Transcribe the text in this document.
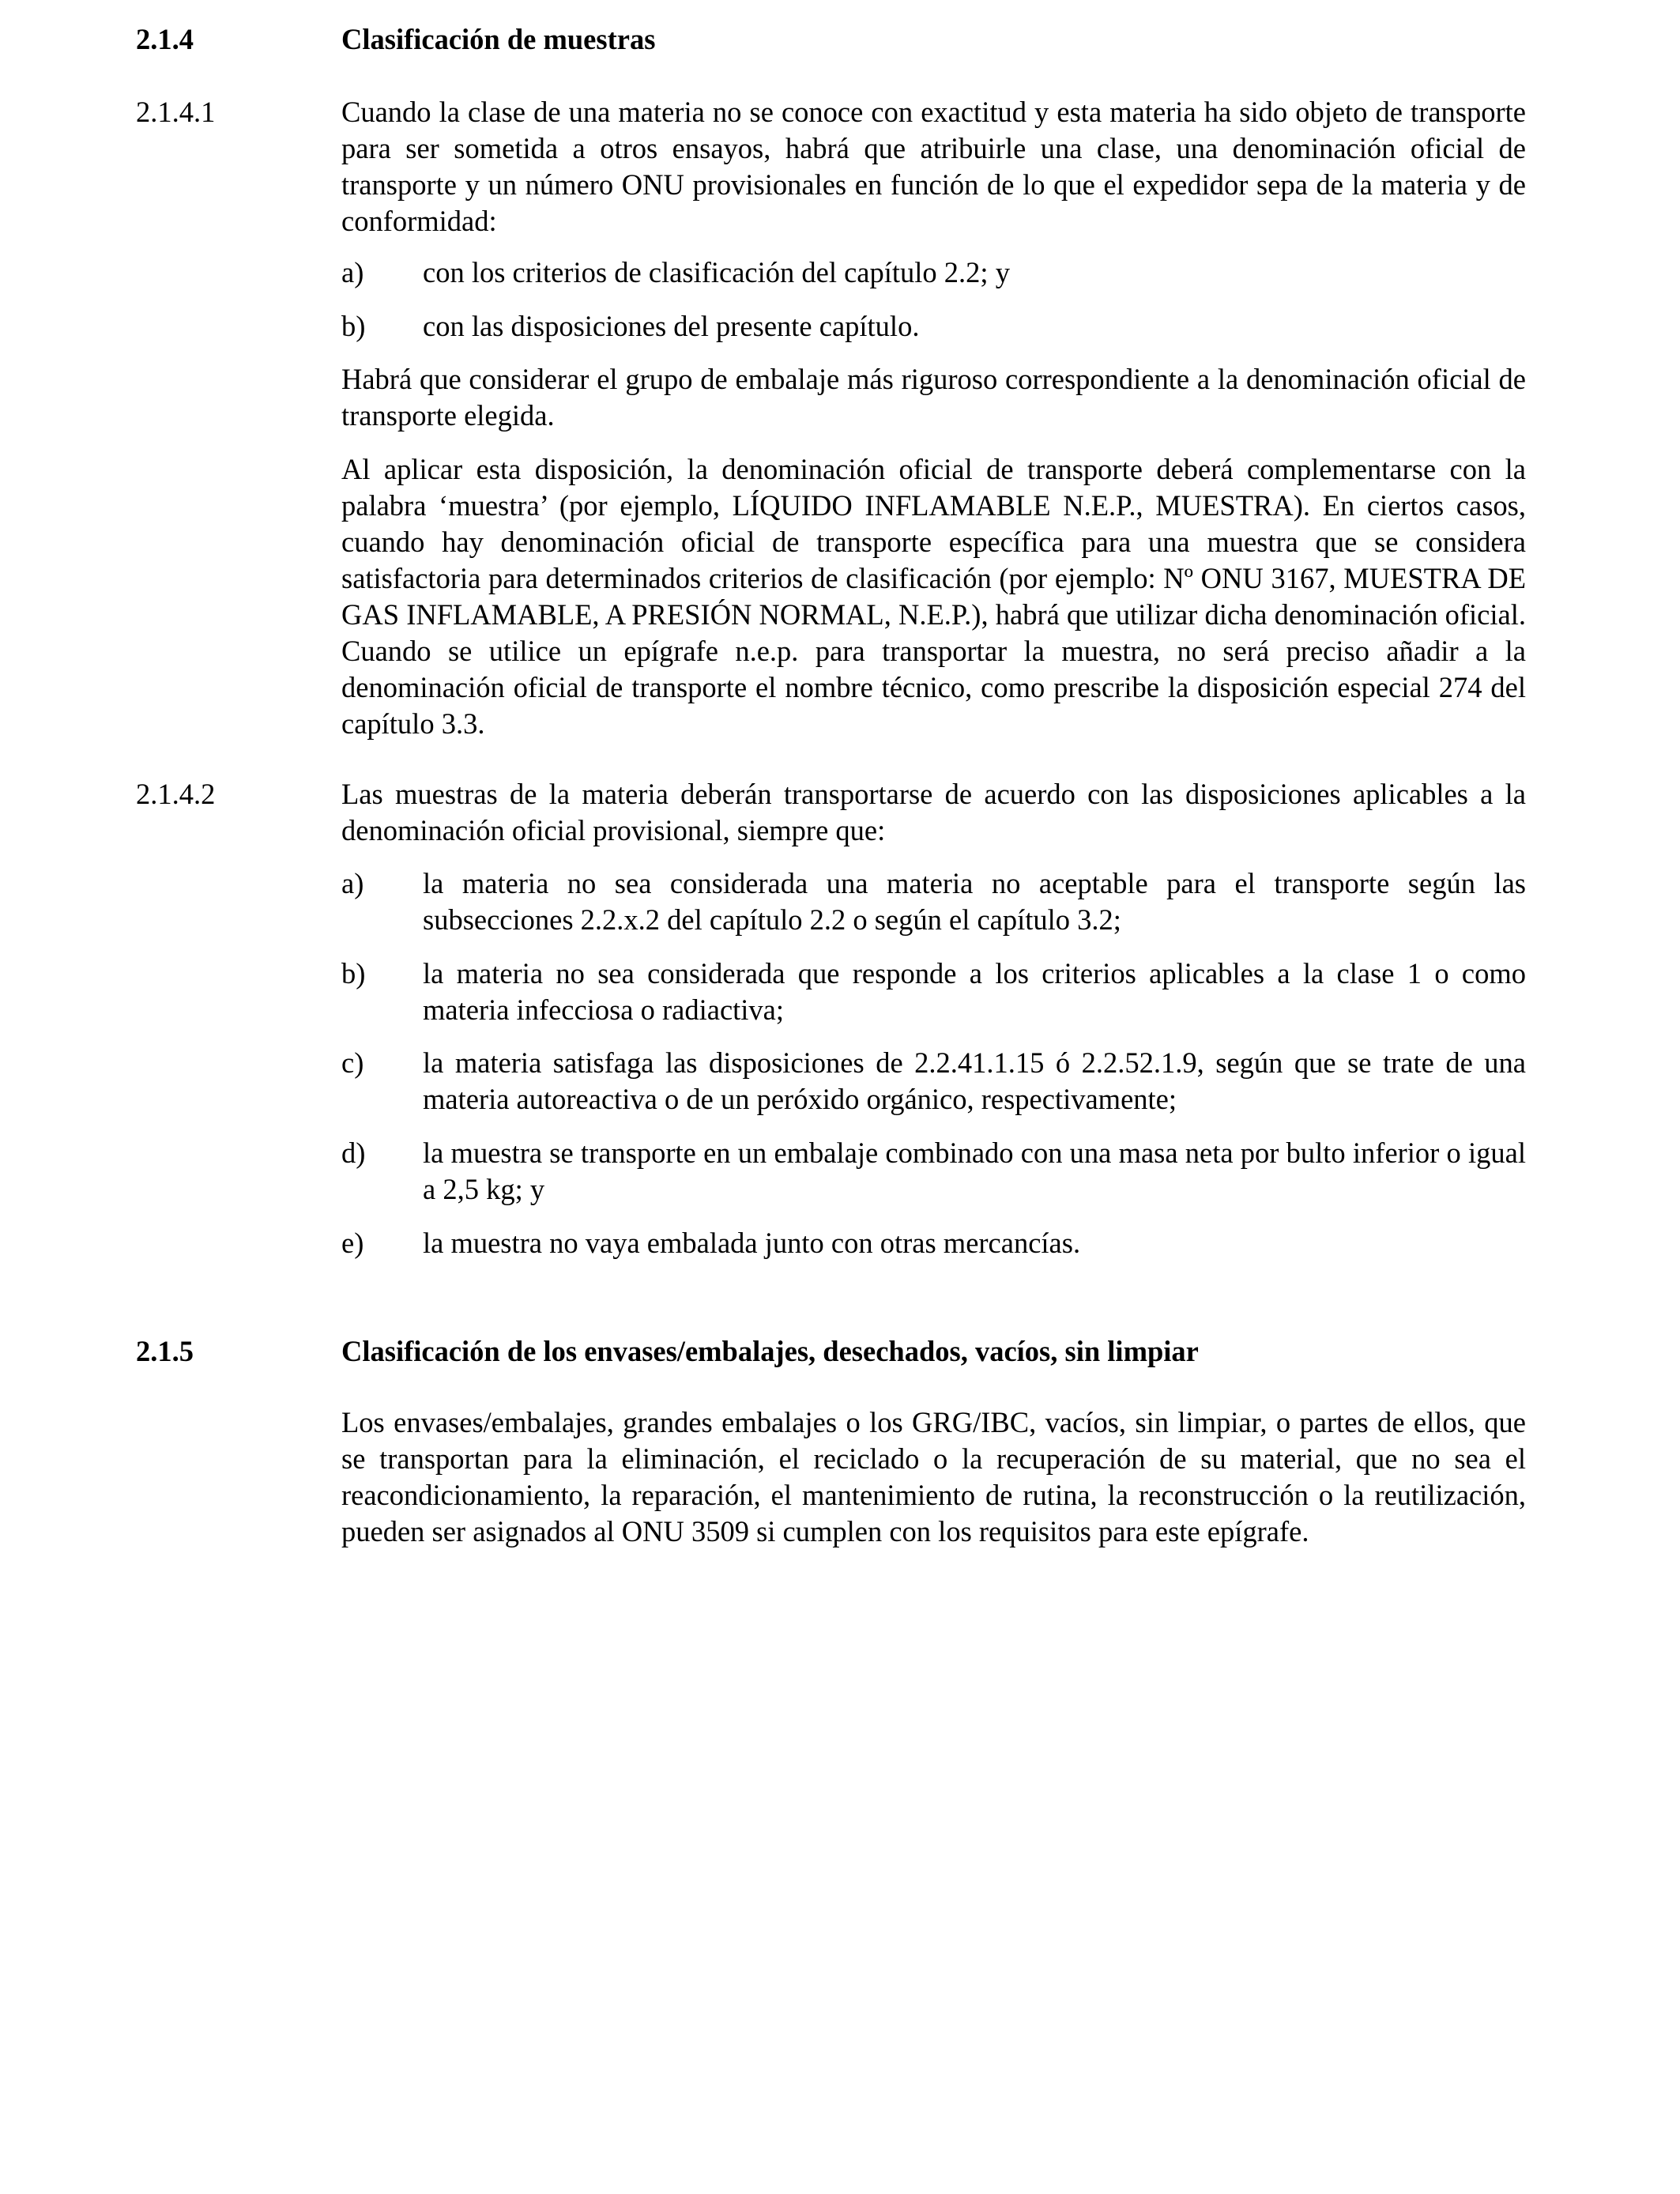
2.1.4	Clasificación de muestras
2.1.4.1	Cuando la clase de una materia no se conoce con exactitud y esta materia ha sido objeto de transporte para ser sometida a otros ensayos, habrá que atribuirle una clase, una denominación oficial de transporte y un número ONU provisionales en función de lo que el expedidor sepa de la materia y de conformidad:
a) con los criterios de clasificación del capítulo 2.2; y
b) con las disposiciones del presente capítulo.
Habrá que considerar el grupo de embalaje más riguroso correspondiente a la denominación oficial de transporte elegida.
Al aplicar esta disposición, la denominación oficial de transporte deberá complementarse con la palabra ‘muestra’ (por ejemplo, LÍQUIDO INFLAMABLE N.E.P., MUESTRA). En ciertos casos, cuando hay denominación oficial de transporte específica para una muestra que se considera satisfactoria para determinados criterios de clasificación (por ejemplo: Nº ONU 3167, MUESTRA DE GAS INFLAMABLE, A PRESIÓN NORMAL, N.E.P.), habrá que utilizar dicha denominación oficial. Cuando se utilice un epígrafe n.e.p. para transportar la muestra, no será preciso añadir a la denominación oficial de transporte el nombre técnico, como prescribe la disposición especial 274 del capítulo 3.3.
2.1.4.2	Las muestras de la materia deberán transportarse de acuerdo con las disposiciones aplicables a la denominación oficial provisional, siempre que:
a) la materia no sea considerada una materia no aceptable para el transporte según las subsecciones 2.2.x.2 del capítulo 2.2 o según el capítulo 3.2;
b) la materia no sea considerada que responde a los criterios aplicables a la clase 1 o como materia infecciosa o radiactiva;
c) la materia satisfaga las disposiciones de 2.2.41.1.15 ó 2.2.52.1.9, según que se trate de una materia autoreactiva o de un peróxido orgánico, respectivamente;
d) la muestra se transporte en un embalaje combinado con una masa neta por bulto inferior o igual a 2,5 kg; y
e) la muestra no vaya embalada junto con otras mercancías.
2.1.5	Clasificación de los envases/embalajes, desechados, vacíos, sin limpiar
Los envases/embalajes, grandes embalajes o los GRG/IBC, vacíos, sin limpiar, o partes de ellos, que se transportan para la eliminación, el reciclado o la recuperación de su material, que no sea el reacondicionamiento, la reparación, el mantenimiento de rutina, la reconstrucción o la reutilización, pueden ser asignados al ONU 3509 si cumplen con los requisitos para este epígrafe.
